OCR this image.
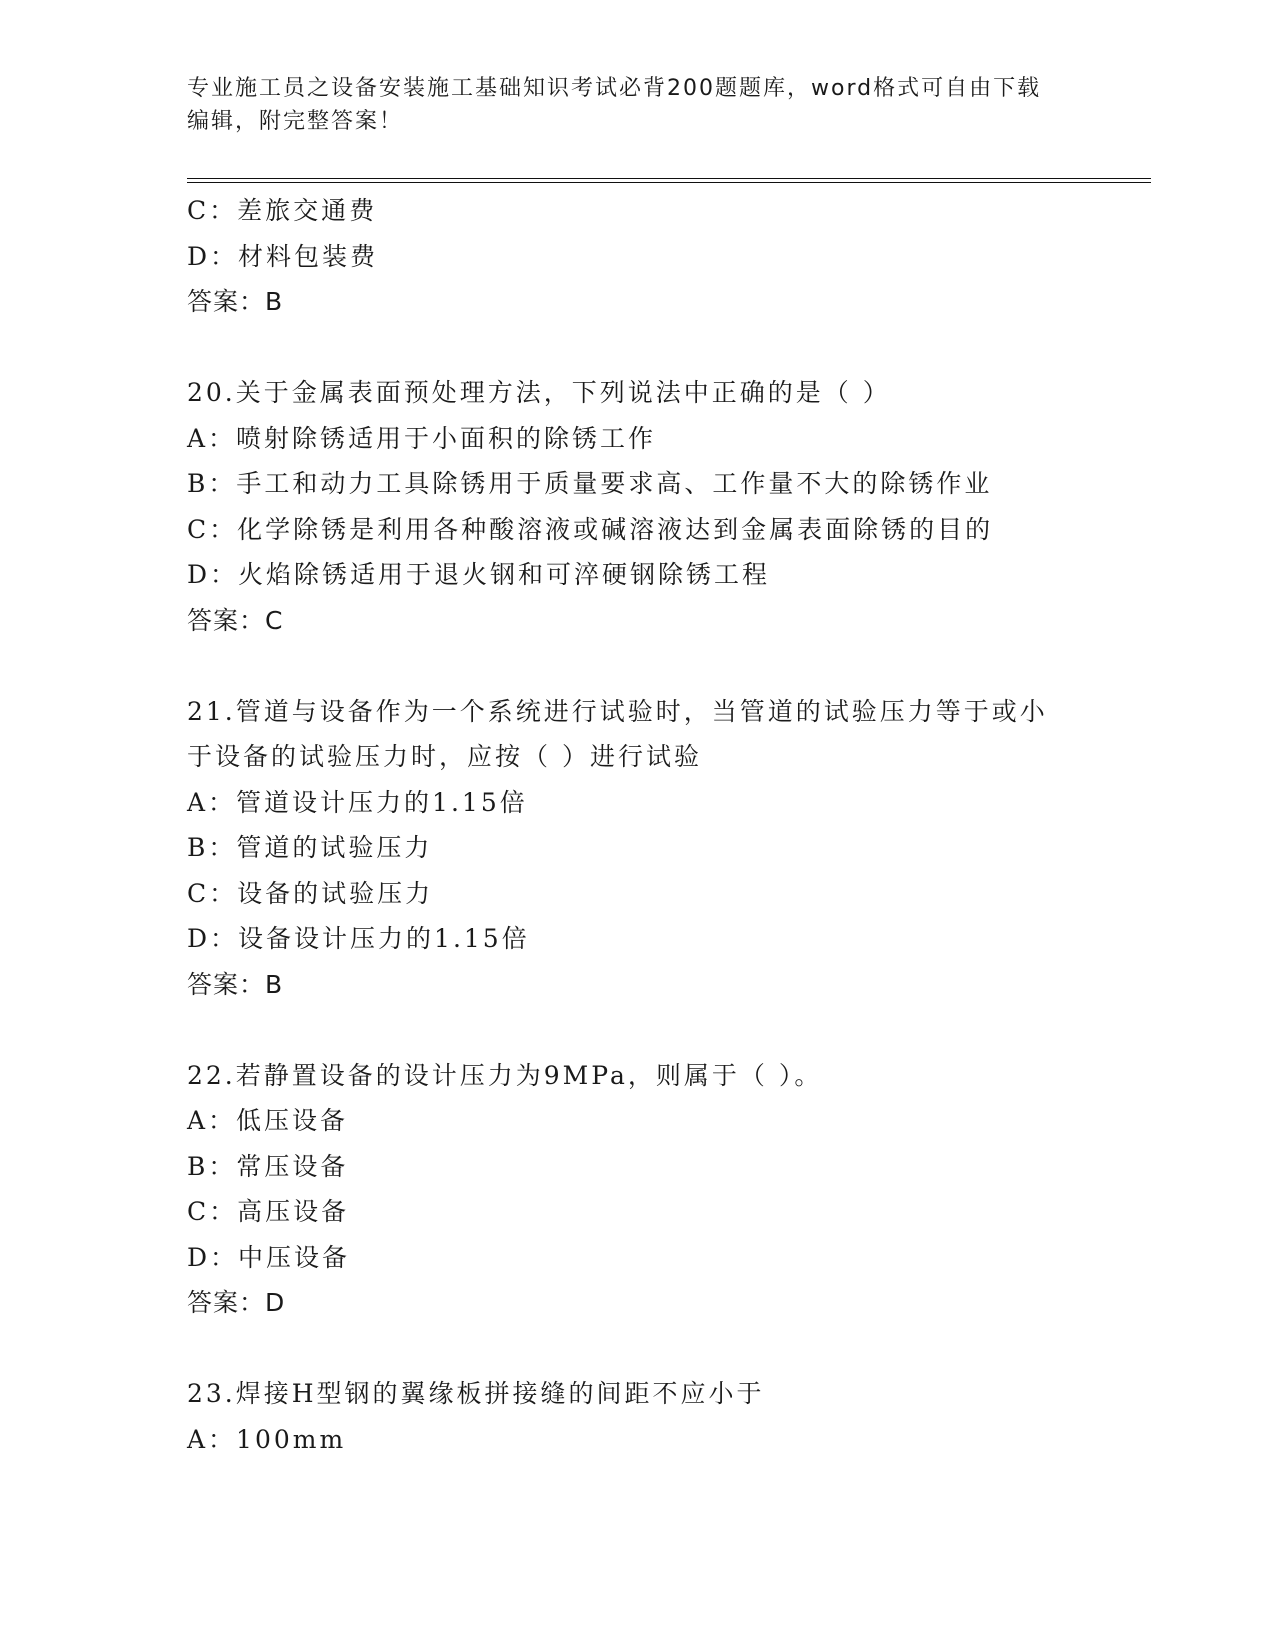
专业施工员之设备安装施工基础知识考试必背200题题库，word格式可自由下载
编辑，附完整答案！
C：差旅交通费
D：材料包装费
答案：B
20.关于金属表面预处理方法，下列说法中正确的是（ ）
A：喷射除锈适用于小面积的除锈工作
B：手工和动力工具除锈用于质量要求高、工作量不大的除锈作业
C：化学除锈是利用各种酸溶液或碱溶液达到金属表面除锈的目的
D：火焰除锈适用于退火钢和可淬硬钢除锈工程
答案：C
21.管道与设备作为一个系统进行试验时，当管道的试验压力等于或小
于设备的试验压力时，应按（ ）进行试验
A：管道设计压力的1.15倍
B：管道的试验压力
C：设备的试验压力
D：设备设计压力的1.15倍
答案：B
22.若静置设备的设计压力为9MPa，则属于（ ）。
A：低压设备
B：常压设备
C：高压设备
D：中压设备
答案：D
23.焊接H型钢的翼缘板拼接缝的间距不应小于
A：100mm
